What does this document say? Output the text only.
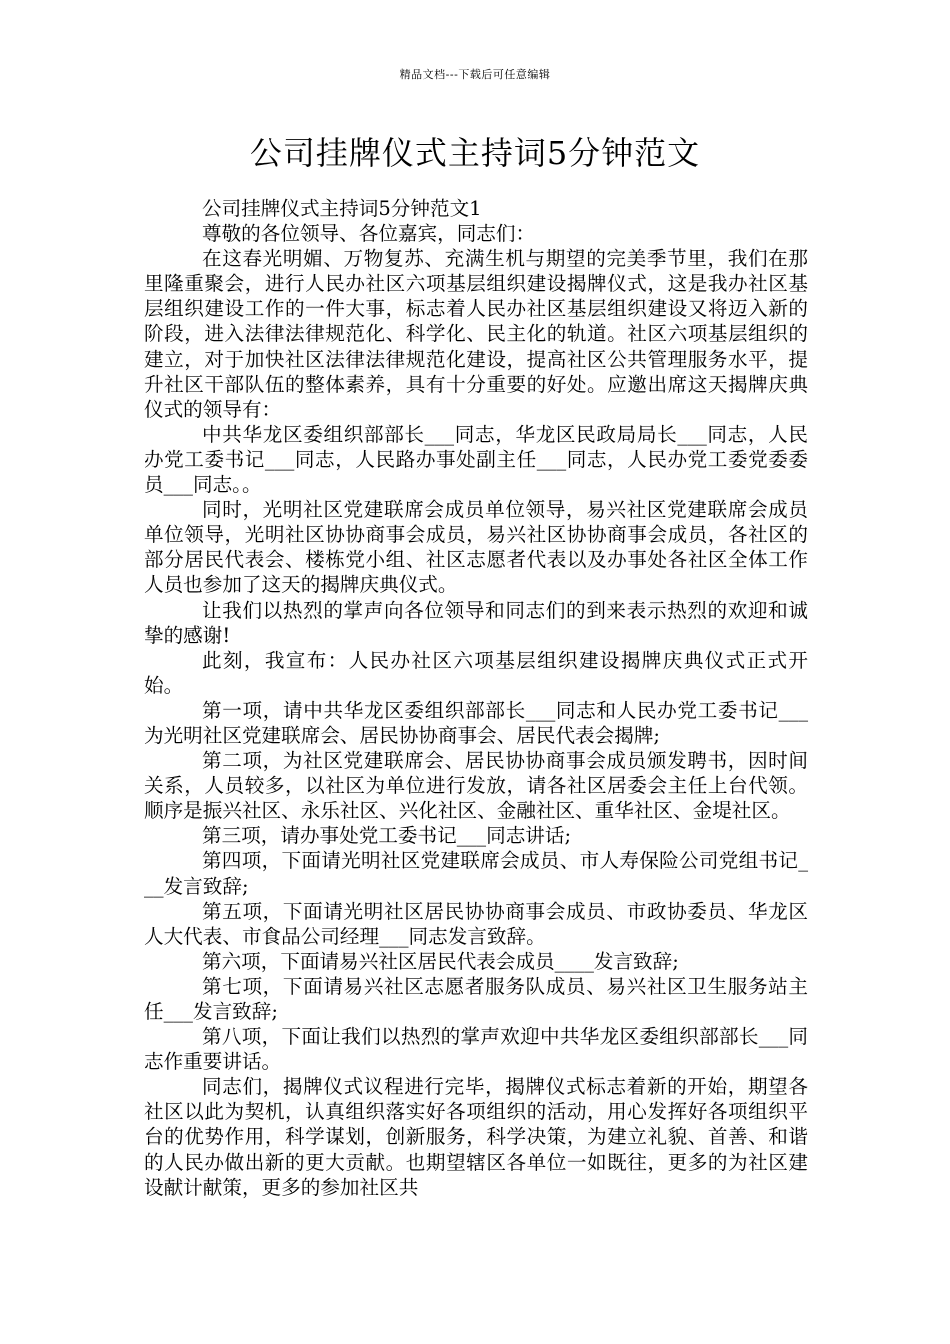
精品文档---下载后可任意编辑
公司挂牌仪式主持词5分钟范文

公司挂牌仪式主持词5分钟范文1

尊敬的各位领导、各位嘉宾，同志们：

在这春光明媚、万物复苏、充满生机与期望的完美季节里，我们在那里隆重聚会，进行人民办社区六项基层组织建设揭牌仪式，这是我办社区基层组织建设工作的一件大事，标志着人民办社区基层组织建设又将迈入新的阶段，进入法律法律规范化、科学化、民主化的轨道。社区六项基层组织的建立，对于加快社区法律法律规范化建设，提高社区公共管理服务水平，提升社区干部队伍的整体素养，具有十分重要的好处。应邀出席这天揭牌庆典仪式的领导有：

中共华龙区委组织部部长___同志，华龙区民政局局长___同志，人民办党工委书记___同志，人民路办事处副主任___同志，人民办党工委党委委员___同志。。

同时，光明社区党建联席会成员单位领导，易兴社区党建联席会成员单位领导，光明社区协协商事会成员，易兴社区协协商事会成员，各社区的部分居民代表会、楼栋党小组、社区志愿者代表以及办事处各社区全体工作人员也参加了这天的揭牌庆典仪式。

让我们以热烈的掌声向各位领导和同志们的到来表示热烈的欢迎和诚挚的感谢!

此刻，我宣布：人民办社区六项基层组织建设揭牌庆典仪式正式开始。

第一项，请中共华龙区委组织部部长___同志和人民办党工委书记___为光明社区党建联席会、居民协协商事会、居民代表会揭牌;

第二项，为社区党建联席会、居民协协商事会成员颁发聘书，因时间关系，人员较多，以社区为单位进行发放，请各社区居委会主任上台代领。顺序是振兴社区、永乐社区、兴化社区、金融社区、重华社区、金堤社区。

第三项，请办事处党工委书记___同志讲话;

第四项，下面请光明社区党建联席会成员、市人寿保险公司党组书记___发言致辞;

第五项，下面请光明社区居民协协商事会成员、市政协委员、华龙区人大代表、市食品公司经理___同志发言致辞。

第六项，下面请易兴社区居民代表会成员____发言致辞;

第七项，下面请易兴社区志愿者服务队成员、易兴社区卫生服务站主任___发言致辞;

第八项，下面让我们以热烈的掌声欢迎中共华龙区委组织部部长___同志作重要讲话。

同志们，揭牌仪式议程进行完毕，揭牌仪式标志着新的开始，期望各社区以此为契机，认真组织落实好各项组织的活动，用心发挥好各项组织平台的优势作用，科学谋划，创新服务，科学决策，为建立礼貌、首善、和谐的人民办做出新的更大贡献。也期望辖区各单位一如既往，更多的为社区建设献计献策，更多的参加社区共
